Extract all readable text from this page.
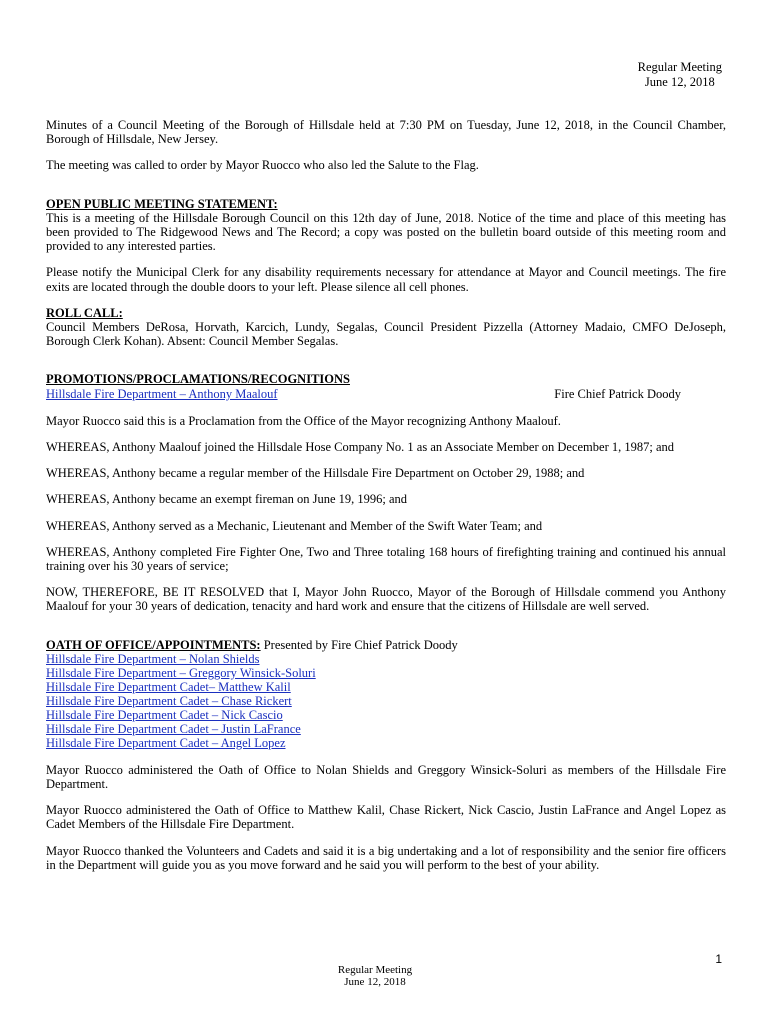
Regular Meeting
June 12, 2018

Minutes of a Council Meeting of the Borough of Hillsdale held at 7:30 PM on Tuesday, June 12, 2018, in the Council Chamber, Borough of Hillsdale, New Jersey.

The meeting was called to order by Mayor Ruocco who also led the Salute to the Flag.

OPEN PUBLIC MEETING STATEMENT:

This is a meeting of the Hillsdale Borough Council on this 12th day of June, 2018. Notice of the time and place of this meeting has been provided to The Ridgewood News and The Record; a copy was posted on the bulletin board outside of this meeting room and provided to any interested parties.

Please notify the Municipal Clerk for any disability requirements necessary for attendance at Mayor and Council meetings. The fire exits are located through the double doors to your left. Please silence all cell phones.

ROLL CALL:

Council Members DeRosa, Horvath, Karcich, Lundy, Segalas, Council President Pizzella (Attorney Madaio, CMFO DeJoseph, Borough Clerk Kohan). Absent: Council Member Segalas.

PROMOTIONS/PROCLAMATIONS/RECOGNITIONS
Hillsdale Fire Department – Anthony Maalouf	Fire Chief Patrick Doody

Mayor Ruocco said this is a Proclamation from the Office of the Mayor recognizing Anthony Maalouf.

WHEREAS, Anthony Maalouf joined the Hillsdale Hose Company No. 1 as an Associate Member on December 1, 1987; and

WHEREAS, Anthony became a regular member of the Hillsdale Fire Department on October 29, 1988; and

WHEREAS, Anthony became an exempt fireman on June 19, 1996; and

WHEREAS, Anthony served as a Mechanic, Lieutenant and Member of the Swift Water Team; and

WHEREAS, Anthony completed Fire Fighter One, Two and Three totaling 168 hours of firefighting training and continued his annual training over his 30 years of service;

NOW, THEREFORE, BE IT RESOLVED that I, Mayor John Ruocco, Mayor of the Borough of Hillsdale commend you Anthony Maalouf for your 30 years of dedication, tenacity and hard work and ensure that the citizens of Hillsdale are well served.

OATH OF OFFICE/APPOINTMENTS: Presented by Fire Chief Patrick Doody
Hillsdale Fire Department – Nolan Shields
Hillsdale Fire Department – Greggory Winsick-Soluri
Hillsdale Fire Department Cadet– Matthew Kalil
Hillsdale Fire Department Cadet – Chase Rickert
Hillsdale Fire Department Cadet – Nick Cascio
Hillsdale Fire Department Cadet – Justin LaFrance
Hillsdale Fire Department Cadet – Angel Lopez

Mayor Ruocco administered the Oath of Office to Nolan Shields and Greggory Winsick-Soluri as members of the Hillsdale Fire Department.

Mayor Ruocco administered the Oath of Office to Matthew Kalil, Chase Rickert, Nick Cascio, Justin LaFrance and Angel Lopez as Cadet Members of the Hillsdale Fire Department.

Mayor Ruocco thanked the Volunteers and Cadets and said it is a big undertaking and a lot of responsibility and the senior fire officers in the Department will guide you as you move forward and he said you will perform to the best of your ability.

1
Regular Meeting
June 12, 2018
